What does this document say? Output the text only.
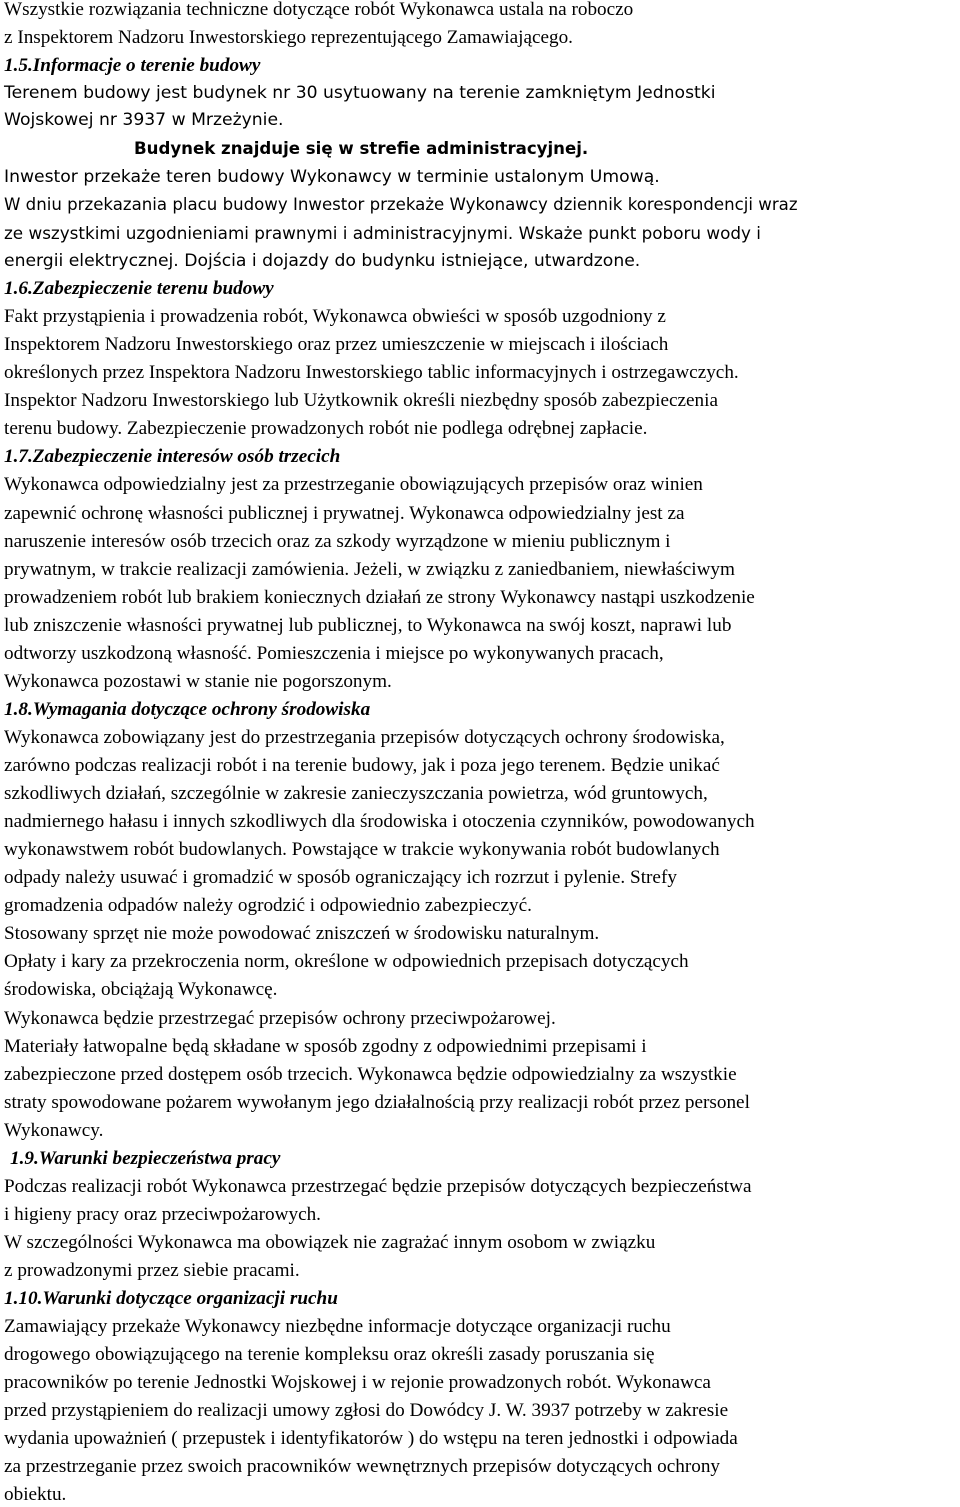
Wszystkie rozwiązania techniczne dotyczące robót Wykonawca ustala na roboczo
z Inspektorem Nadzoru Inwestorskiego reprezentującego Zamawiającego.
1.5.Informacje o terenie budowy
Terenem budowy jest budynek nr 30 usytuowany na terenie zamkniętym Jednostki
Wojskowej nr 3937 w Mrzeżynie.
Budynek znajduje się w strefie administracyjnej.
Inwestor przekaże teren budowy Wykonawcy w terminie ustalonym Umową.
W dniu przekazania placu budowy Inwestor przekaże Wykonawcy dziennik korespondencji wraz
ze wszystkimi uzgodnieniami prawnymi i administracyjnymi. Wskaże punkt poboru wody i
energii elektrycznej. Dojścia i dojazdy do budynku istniejące, utwardzone.
1.6.Zabezpieczenie terenu budowy
Fakt przystąpienia i prowadzenia robót, Wykonawca obwieści w sposób uzgodniony z
Inspektorem Nadzoru Inwestorskiego oraz przez umieszczenie w miejscach i ilościach
określonych przez Inspektora Nadzoru Inwestorskiego tablic informacyjnych i ostrzegawczych.
Inspektor Nadzoru Inwestorskiego lub Użytkownik określi niezbędny sposób zabezpieczenia
terenu budowy. Zabezpieczenie prowadzonych robót nie podlega odrębnej zapłacie.
1.7.Zabezpieczenie interesów osób trzecich
Wykonawca odpowiedzialny jest za przestrzeganie obowiązujących przepisów oraz winien
zapewnić ochronę własności publicznej i prywatnej. Wykonawca odpowiedzialny jest za
naruszenie interesów osób trzecich oraz za szkody wyrządzone w mieniu publicznym i
prywatnym, w trakcie realizacji zamówienia. Jeżeli, w związku z zaniedbaniem, niewłaściwym
prowadzeniem robót lub brakiem koniecznych działań ze strony Wykonawcy nastąpi uszkodzenie
lub zniszczenie własności prywatnej lub publicznej, to Wykonawca na swój koszt, naprawi lub
odtworzy uszkodzoną własność. Pomieszczenia i miejsce po wykonywanych pracach,
Wykonawca pozostawi w stanie nie pogorszonym.
1.8.Wymagania dotyczące ochrony środowiska
Wykonawca zobowiązany jest do przestrzegania przepisów dotyczących ochrony środowiska,
zarówno podczas realizacji robót i na terenie budowy, jak i poza jego terenem. Będzie unikać
szkodliwych działań, szczególnie w zakresie zanieczyszczania powietrza, wód gruntowych,
nadmiernego hałasu i innych szkodliwych dla środowiska i otoczenia czynników, powodowanych
wykonawstwem robót budowlanych. Powstające w trakcie wykonywania robót budowlanych
odpady należy usuwać i gromadzić w sposób ograniczający ich rozrzut i pylenie. Strefy
gromadzenia odpadów należy ogrodzić i odpowiednio zabezpieczyć.
Stosowany sprzęt nie może powodować zniszczeń w środowisku naturalnym.
Opłaty i kary za przekroczenia norm, określone w odpowiednich przepisach dotyczących
środowiska, obciążają Wykonawcę.
Wykonawca będzie przestrzegać przepisów ochrony przeciwpożarowej.
Materiały łatwopalne będą składane w sposób zgodny z odpowiednimi przepisami i
zabezpieczone przed dostępem osób trzecich. Wykonawca będzie odpowiedzialny za wszystkie
straty spowodowane pożarem wywołanym jego działalnością przy realizacji robót przez personel
Wykonawcy.
1.9.Warunki bezpieczeństwa pracy
Podczas realizacji robót Wykonawca przestrzegać będzie przepisów dotyczących bezpieczeństwa
i higieny pracy oraz przeciwpożarowych.
W szczególności Wykonawca ma obowiązek nie zagrażać innym osobom w związku
z prowadzonymi przez siebie pracami.
1.10.Warunki dotyczące organizacji ruchu
Zamawiający przekaże Wykonawcy niezbędne informacje dotyczące organizacji ruchu
drogowego obowiązującego na terenie kompleksu oraz określi zasady poruszania się
pracowników po terenie Jednostki Wojskowej i w rejonie prowadzonych robót. Wykonawca
przed przystąpieniem do realizacji umowy zgłosi do Dowódcy J. W. 3937 potrzeby w zakresie
wydania upoważnień ( przepustek i identyfikatorów ) do wstępu na teren jednostki i odpowiada
za przestrzeganie przez swoich pracowników wewnętrznych przepisów dotyczących ochrony
obiektu.
